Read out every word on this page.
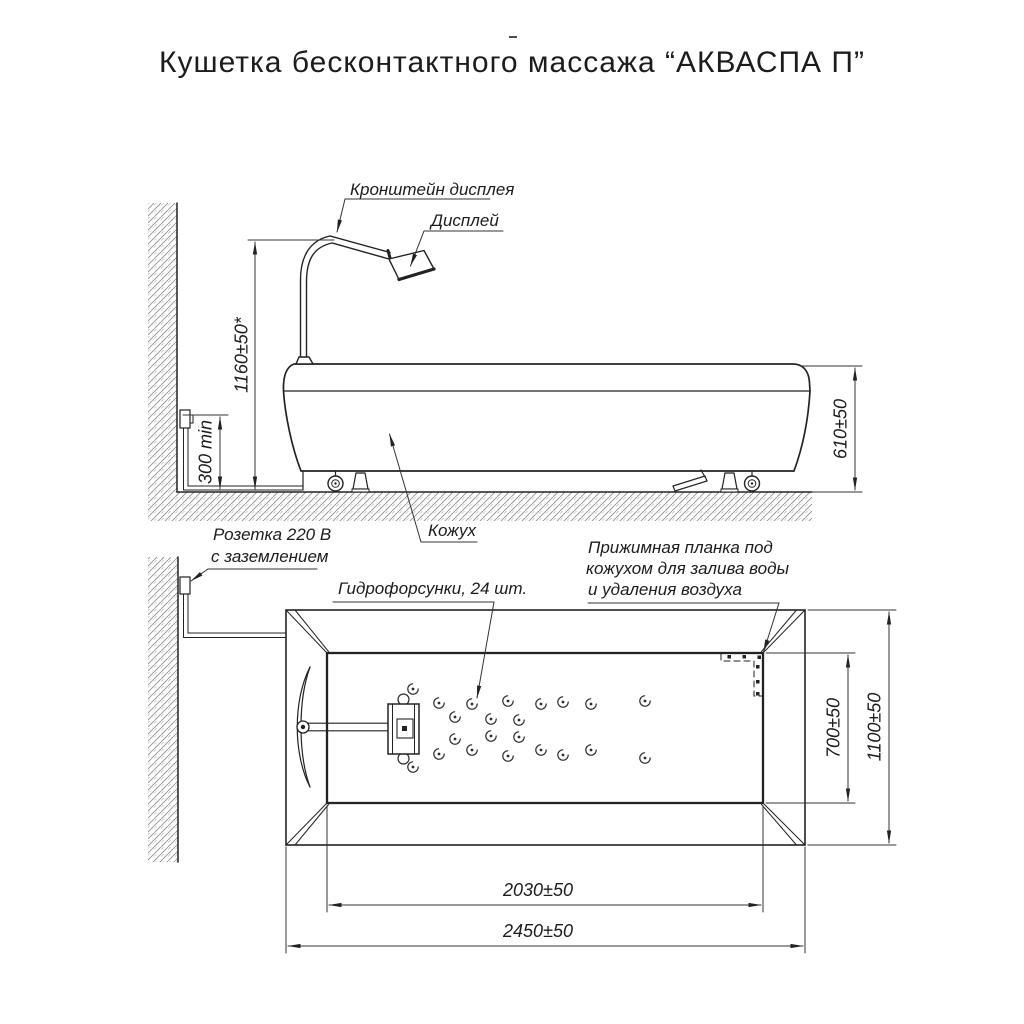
Кушетка бесконтактного массажа “АКВАСПА П”
Кронштейн дисплея
Дисплей
Кожух
Розетка 220 В
с заземлением
Гидрофорсунки, 24 шт.
Прижимная планка под
кожухом для залива воды
и удаления воздуха
1160±50*
300 min	610±50
700±50 1100±50
2030±50
2450±50
